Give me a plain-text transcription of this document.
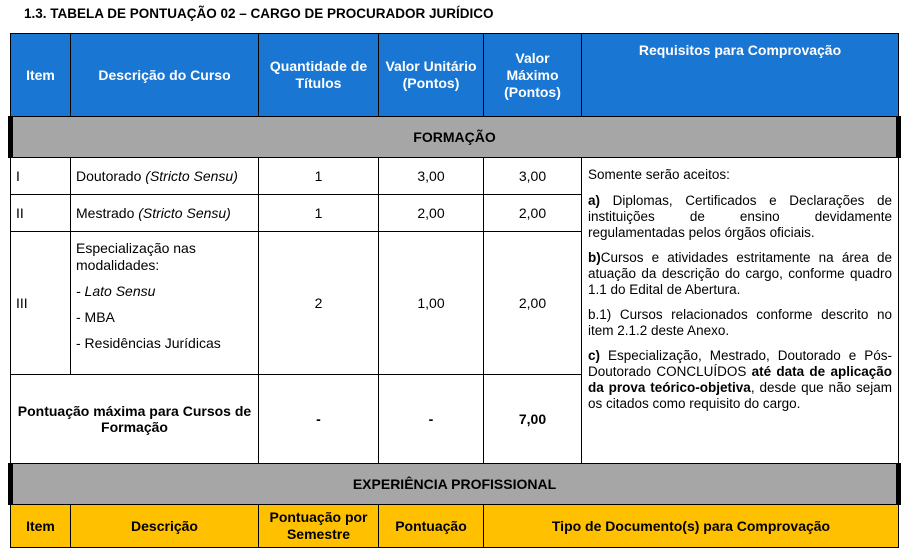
1.3. TABELA DE PONTUAÇÃO 02 – CARGO DE PROCURADOR JURÍDICO
Item	Descrição do Curso	Quantidade de Títulos	Valor Unitário (Pontos)	Valor Máximo (Pontos)	Requisitos para Comprovação
FORMAÇÃO					
I	Doutorado (Stricto Sensu)	1	3,00	3,00	Somente serão aceitos:

a) Diplomas, Certificados e Declarações de instituições de ensino devidamente regulamentadas pelos órgãos oficiais.

b)Cursos e atividades estritamente na área de atuação da descrição do cargo, conforme quadro 1.1 do Edital de Abertura.

b.1) Cursos relacionados conforme descrito no item 2.1.2 deste Anexo.

c) Especialização, Mestrado, Doutorado e Pós-Doutorado CONCLUÍDOS até data de aplicação da prova teórico-objetiva, desde que não sejam os citados como requisito do cargo.

II	Mestrado (Stricto Sensu)	1	2,00	2,00	
III	Especialização nas modalidades:
- Lato Sensu
- MBA
- Residências Jurídicas	2	1,00	2,00	
Pontuação máxima para Cursos de Formação		-	-	7,00	
EXPERIÊNCIA PROFISSIONAL					
Item	Descrição	Pontuação por Semestre	Pontuação	Tipo de Documento(s) para Comprovação	
